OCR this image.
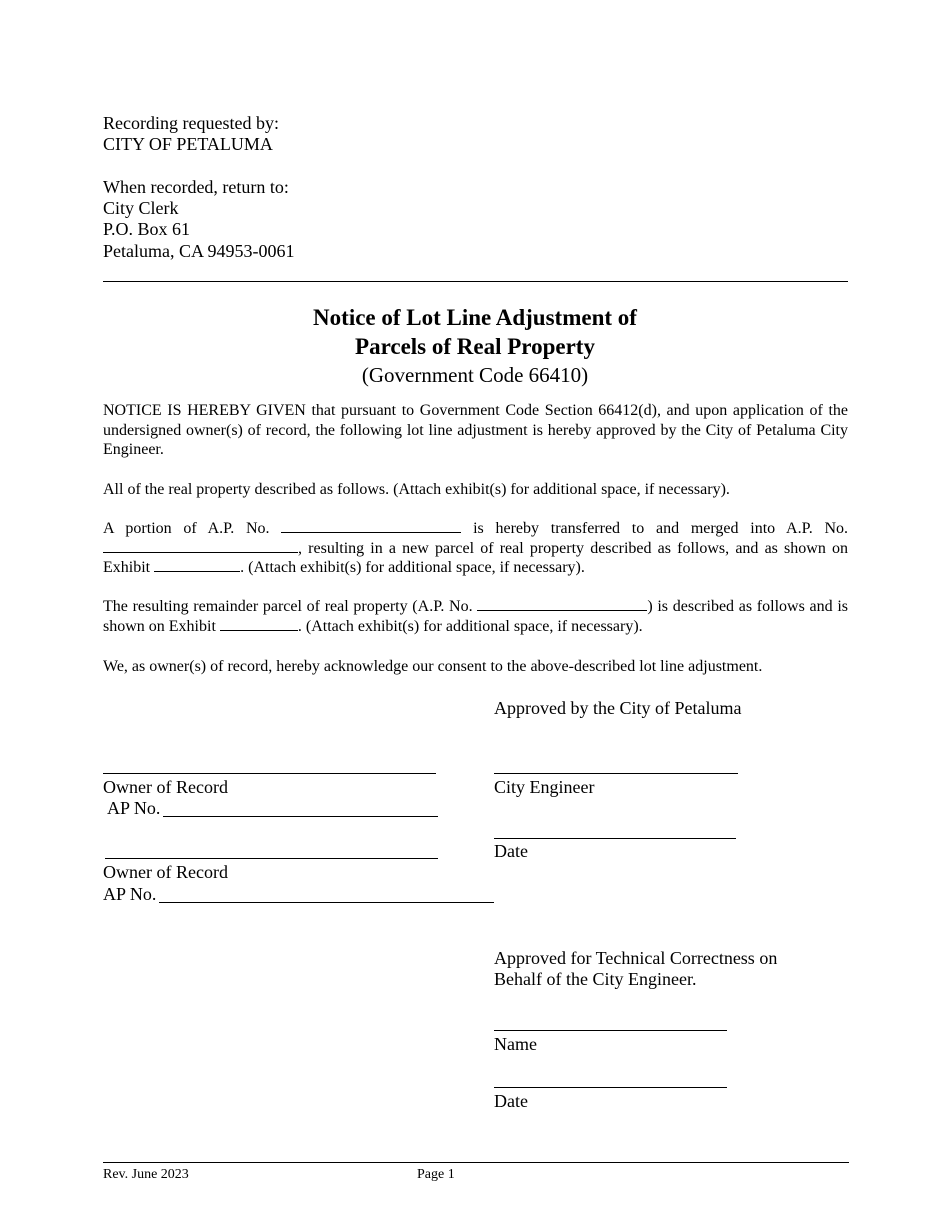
Recording requested by:
CITY OF PETALUMA
When recorded, return to:
City Clerk
P.O. Box 61
Petaluma, CA 94953-0061
Notice of Lot Line Adjustment of
Parcels of Real Property
(Government Code 66410)
NOTICE IS HEREBY GIVEN that pursuant to Government Code Section 66412(d), and upon application of the undersigned owner(s) of record, the following lot line adjustment is hereby approved by the City of Petaluma City Engineer.
All of the real property described as follows. (Attach exhibit(s) for additional space, if necessary).
A portion of A.P. No.	is hereby transferred to and merged into A.P. No. , resulting in a new parcel of real property described as follows, and as shown on Exhibit	. (Attach exhibit(s) for additional space, if necessary).
The resulting remainder parcel of real property (A.P. No.	) is described as follows and is shown on Exhibit	. (Attach exhibit(s) for additional space, if necessary).
We, as owner(s) of record, hereby acknowledge our consent to the above-described lot line adjustment.
Approved by the City of Petaluma
Owner of Record
AP No.
City Engineer
Date
Owner of Record
AP No.
Approved for Technical Correctness on
Behalf of the City Engineer.
Name
Date
Rev. June 2023	Page 1
